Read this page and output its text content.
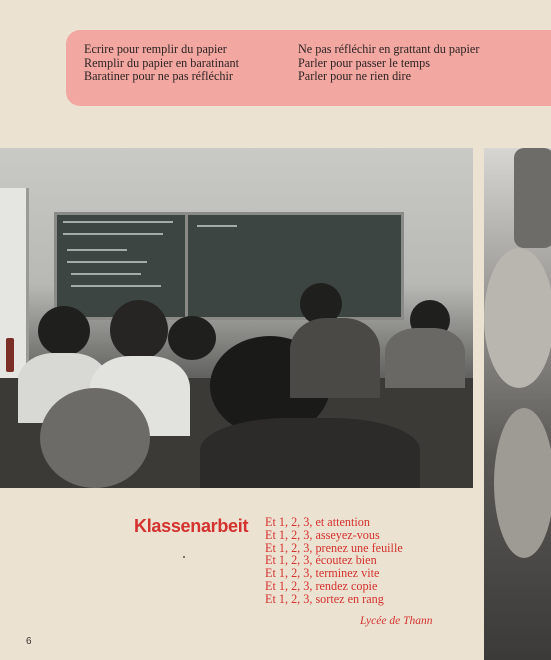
Ecrire pour remplir du papier
Remplir du papier en baratinant
Baratiner pour ne pas réfléchir
Ne pas réfléchir en grattant du papier
Parler pour passer le temps
Parler pour ne rien dire
Klassenarbeit Et 1, 2, 3, et attention
Et 1, 2, 3, asseyez-vous
Et 1, 2, 3, prenez une feuille
Et 1, 2, 3, écoutez bien
Et 1, 2, 3, terminez vite
Et 1, 2, 3, rendez copie
Et 1, 2, 3, sortez en rang
Lycée de Thann
6
